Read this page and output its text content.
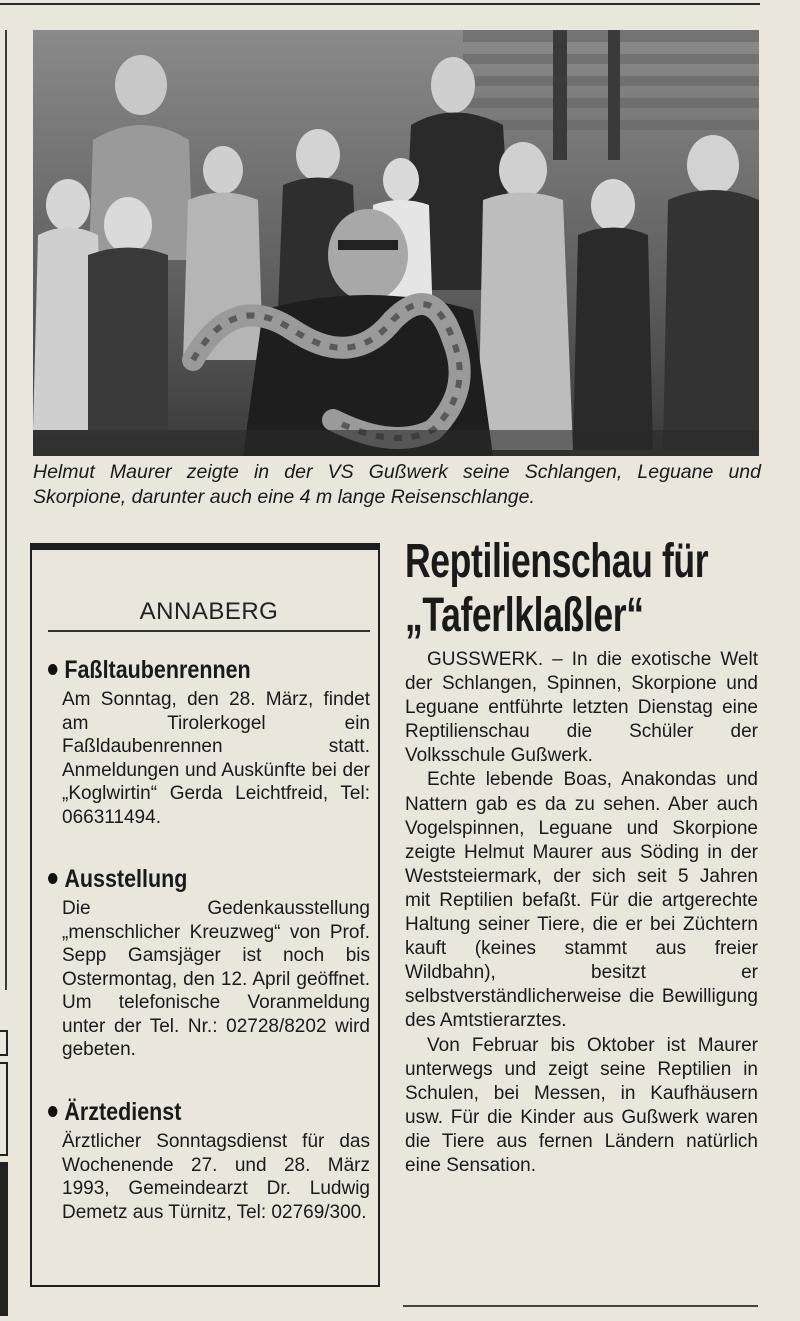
Helmut Maurer zeigte in der VS Gußwerk seine Schlangen, Leguane und Skorpione, darunter auch eine 4 m lange Reisenschlange.
ANNABERG
Faßltaubenrennen

Am Sonntag, den 28. März, findet am Tirolerkogel ein Faßldaubenrennen statt. Anmeldungen und Auskünfte bei der „Koglwirtin“ Gerda Leichtfreid, Tel: 066311494.

Ausstellung

Die Gedenkausstellung „menschlicher Kreuzweg“ von Prof. Sepp Gamsjäger ist noch bis Ostermontag, den 12. April geöffnet. Um telefonische Voranmeldung unter der Tel. Nr.: 02728/8202 wird gebeten.

Ärztedienst

Ärztlicher Sonntagsdienst für das Wochenende 27. und 28. März 1993, Gemeindearzt Dr. Ludwig Demetz aus Türnitz, Tel: 02769/300.

Reptilienschau für
„Taferlklaßler“

GUSSWERK. – In die exotische Welt der Schlangen, Spinnen, Skorpione und Leguane entführte letzten Dienstag eine Reptilienschau die Schüler der Volksschule Gußwerk.

Echte lebende Boas, Anakondas und Nattern gab es da zu sehen. Aber auch Vogelspinnen, Leguane und Skorpione zeigte Helmut Maurer aus Söding in der Weststeiermark, der sich seit 5 Jahren mit Reptilien befaßt. Für die artgerechte Haltung seiner Tiere, die er bei Züchtern kauft (keines stammt aus freier Wildbahn), besitzt er selbstverständlicherweise die Bewilligung des Amtstierarztes.

Von Februar bis Oktober ist Maurer unterwegs und zeigt seine Reptilien in Schulen, bei Messen, in Kaufhäusern usw. Für die Kinder aus Gußwerk waren die Tiere aus fernen Ländern natürlich eine Sensation.
